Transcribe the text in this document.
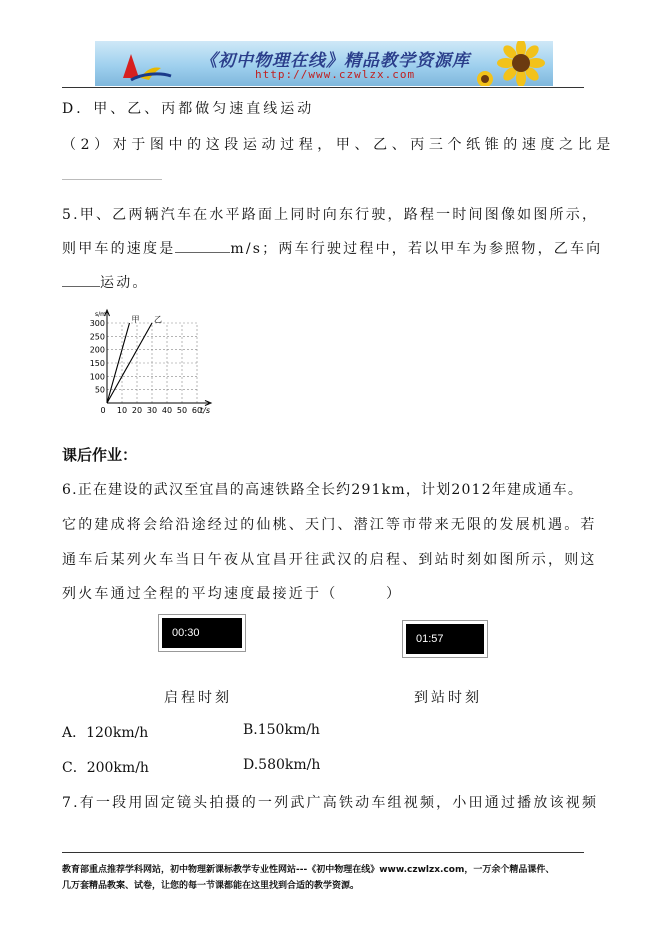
《初中物理在线》精品教学资源库
http://www.czwlzx.com
D．甲、乙、丙都做匀速直线运动
（2）对于图中的这段运动过程，甲、乙、丙三个纸锥的速度之比是
5.甲、乙两辆汽车在水平路面上同时向东行驶，路程一时间图像如图所示，
则甲车的速度是	m/s；两车行驶过程中，若以甲车为参照物，乙车向
运动。
50
100
150
200
250
300
0 10 20 30 40 50 60
s/m
t/s
甲 乙
课后作业：
6.正在建设的武汉至宜昌的高速铁路全长约291km，计划2012年建成通车。
它的建成将会给沿途经过的仙桃、天门、潜江等市带来无限的发展机遇。若
通车后某列火车当日午夜从宜昌开往武汉的启程、到站时刻如图所示，则这
列火车通过全程的平均速度最接近于（　　　）
00:30	01:57
启程时刻	到站时刻
A．120km/h	B.150km/h
C．200km/h	D.580km/h
7.有一段用固定镜头拍摄的一列武广高铁动车组视频，小田通过播放该视频
教育部重点推荐学科网站，初中物理新课标教学专业性网站---《初中物理在线》www.czwlzx.com，一万余个精品课件、
几万套精品教案、试卷，让您的每一节课都能在这里找到合适的教学资源。
